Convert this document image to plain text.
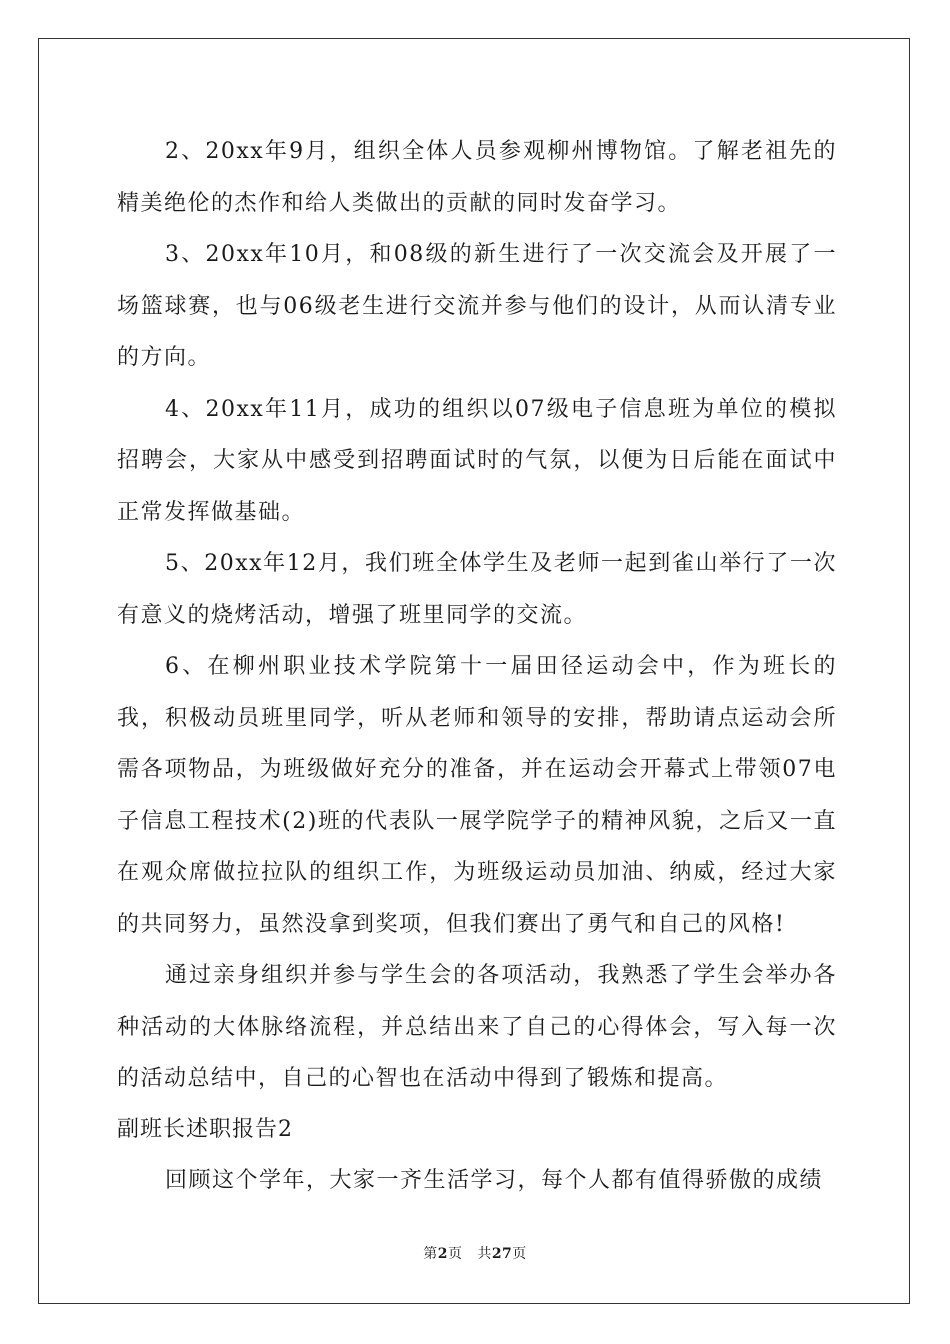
2、20xx年9月，组织全体人员参观柳州博物馆。了解老祖先的精美绝伦的杰作和给人类做出的贡献的同时发奋学习。

3、20xx年10月，和08级的新生进行了一次交流会及开展了一场篮球赛，也与06级老生进行交流并参与他们的设计，从而认清专业的方向。

4、20xx年11月，成功的组织以07级电子信息班为单位的模拟招聘会，大家从中感受到招聘面试时的气氛，以便为日后能在面试中正常发挥做基础。

5、20xx年12月，我们班全体学生及老师一起到雀山举行了一次有意义的烧烤活动，增强了班里同学的交流。

6、在柳州职业技术学院第十一届田径运动会中，作为班长的我，积极动员班里同学，听从老师和领导的安排，帮助请点运动会所需各项物品，为班级做好充分的准备，并在运动会开幕式上带领07电子信息工程技术(2)班的代表队一展学院学子的精神风貌，之后又一直在观众席做拉拉队的组织工作，为班级运动员加油、纳威，经过大家的共同努力，虽然没拿到奖项，但我们赛出了勇气和自己的风格!

通过亲身组织并参与学生会的各项活动，我熟悉了学生会举办各种活动的大体脉络流程，并总结出来了自己的心得体会，写入每一次的活动总结中，自己的心智也在活动中得到了锻炼和提高。

副班长述职报告2

回顾这个学年，大家一齐生活学习，每个人都有值得骄傲的成绩

第2页 共27页
